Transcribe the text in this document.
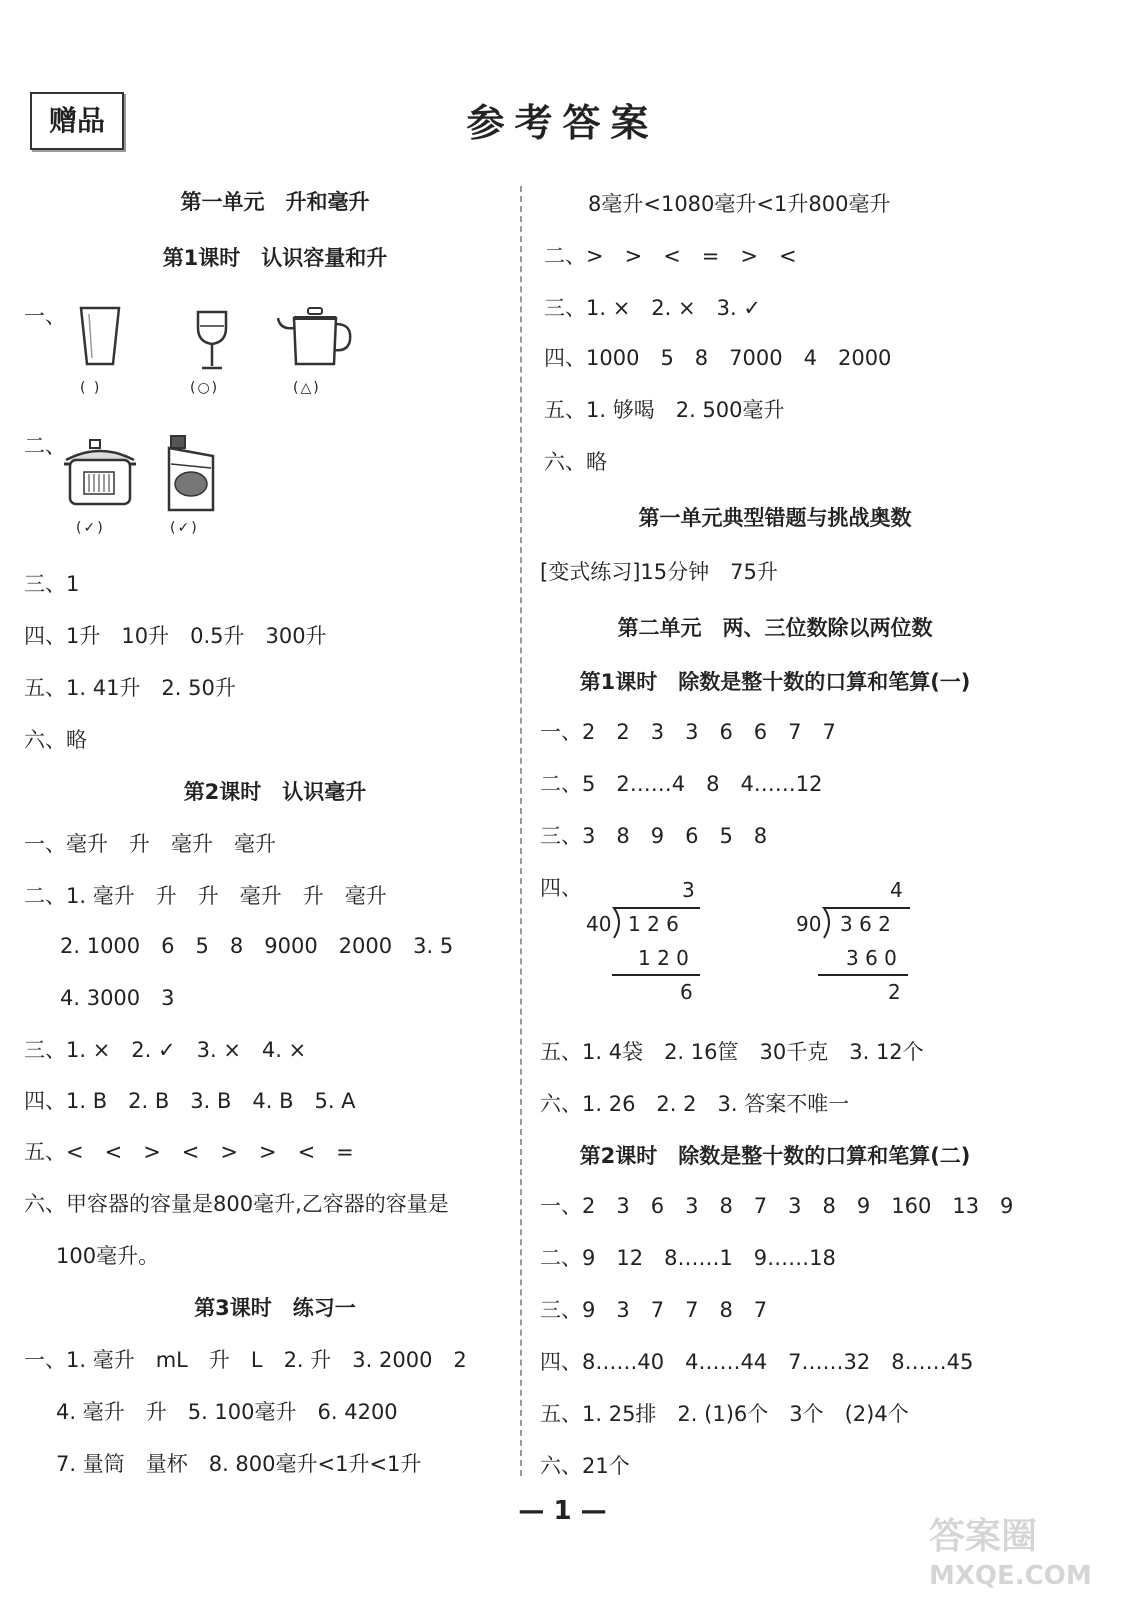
赠品	参考答案
第一单元　升和毫升
第1课时　认识容量和升
一、
( )	(○)	(△)
二、
(✓)	(✓)
三、1
四、1升　10升　0.5升　300升
五、1. 41升　2. 50升
六、略
第2课时　认识毫升
一、毫升　升　毫升　毫升
二、1. 毫升　升　升　毫升　升　毫升
2. 1000　6　5　8　9000　2000　3. 5
4. 3000　3
三、1. ×　2. ✓　3. ×　4. ×
四、1. B　2. B　3. B　4. B　5. A
五、<　<　>　<　>　>　<　=
六、甲容器的容量是800毫升,乙容器的容量是
100毫升。
第3课时　练习一
一、1. 毫升　mL　升　L　2. 升　3. 2000　2
4. 毫升　升　5. 100毫升　6. 4200
7. 量筒　量杯　8. 800毫升<1升<1升
8毫升<1080毫升<1升800毫升
二、>　>　<　=　>　<
三、1. ×　2. ×　3. ✓
四、1000　5　8　7000　4　2000
五、1. 够喝　2. 500毫升
六、略
第一单元典型错题与挑战奥数
[变式练习]15分钟　75升
第二单元　两、三位数除以两位数
第1课时　除数是整十数的口算和笔算(一)
一、2　2　3　3　6　6　7　7
二、5　2……4　8　4……12
三、3　8　9　6　5　8
四、	3
40 1 2 6
1 2 0
6
4
90 3 6 2
3 6 0
2
五、1. 4袋　2. 16筐　30千克　3. 12个
六、1. 26　2. 2　3. 答案不唯一
第2课时　除数是整十数的口算和笔算(二)
一、2　3　6　3　8　7　3　8　9　160　13　9
二、9　12　8……1　9……18
三、9　3　7　7　8　7
四、8……40　4……44　7……32　8……45
五、1. 25排　2. (1)6个　3个　(2)4个
六、21个
— 1 —
答案圈
MXQE.COM
